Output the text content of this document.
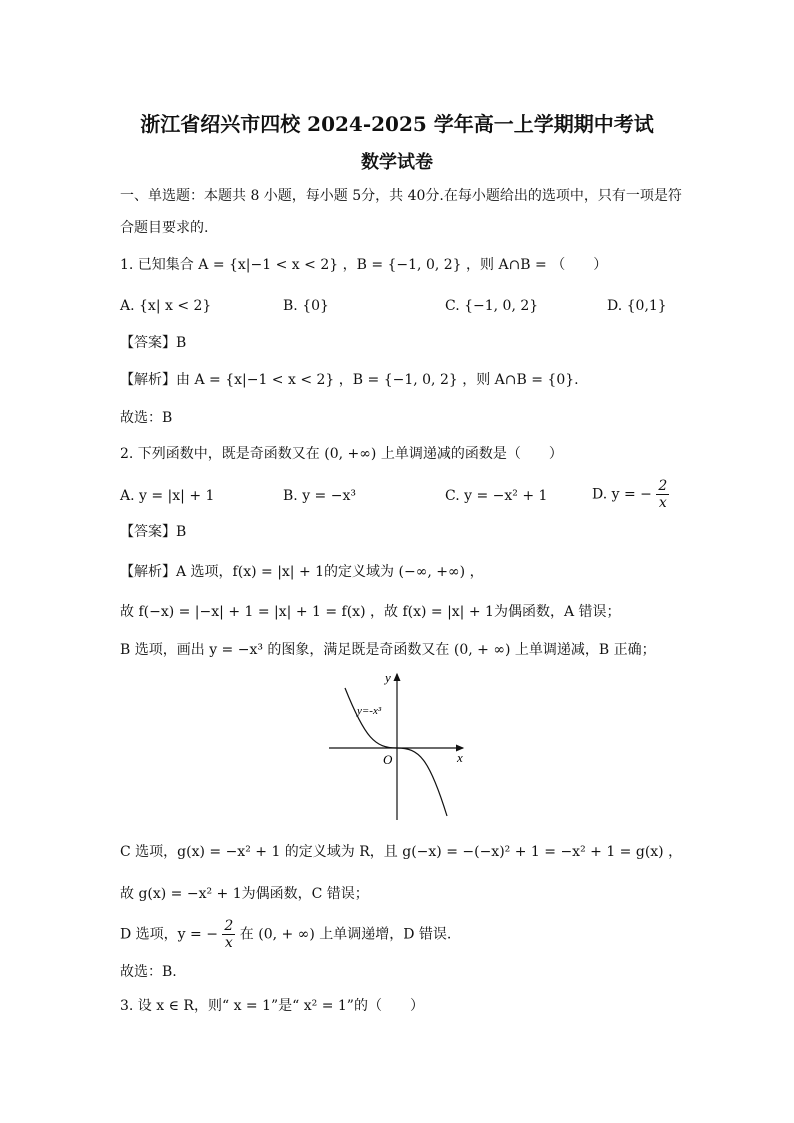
浙江省绍兴市四校 2024-2025 学年高一上学期期中考试
数学试卷
一、单选题：本题共 8 小题，每小题 5分，共 40分.在每小题给出的选项中，只有一项是符
合题目要求的.
1. 已知集合 A = {x|−1 < x < 2} ，B = {−1, 0, 2} ，则 A∩B = （　　）
A. {x| x < 2}	B. {0}	C. {−1, 0, 2}	D. {0,1}
【答案】B
【解析】由 A = {x|−1 < x < 2} ，B = {−1, 0, 2} ，则 A∩B = {0}.
故选：B
2. 下列函数中，既是奇函数又在 (0, +∞) 上单调递减的函数是（　　）
A. y = |x| + 1	B. y = −x³	C. y = −x² + 1	D. y = − $\frac{2}{x}$
【答案】B
【解析】A 选项，f(x) = |x| + 1的定义域为 (−∞, +∞) ，
故 f(−x) = |−x| + 1 = |x| + 1 = f(x) ，故 f(x) = |x| + 1为偶函数，A 错误；
B 选项，画出 y = −x³ 的图象，满足既是奇函数又在 (0, + ∞) 上单调递减，B 正确；
y
x
O
y=-x³
C 选项，g(x) = −x² + 1 的定义域为 R，且 g(−x) = −(−x)² + 1 = −x² + 1 = g(x) ，
故 g(x) = −x² + 1为偶函数，C 错误；
D 选项，y = − $\frac{2}{x}$ 在 (0, + ∞) 上单调递增，D 错误.
故选：B.
3. 设 x ∈ R，则“ x = 1”是“ x² = 1”的（　　）
